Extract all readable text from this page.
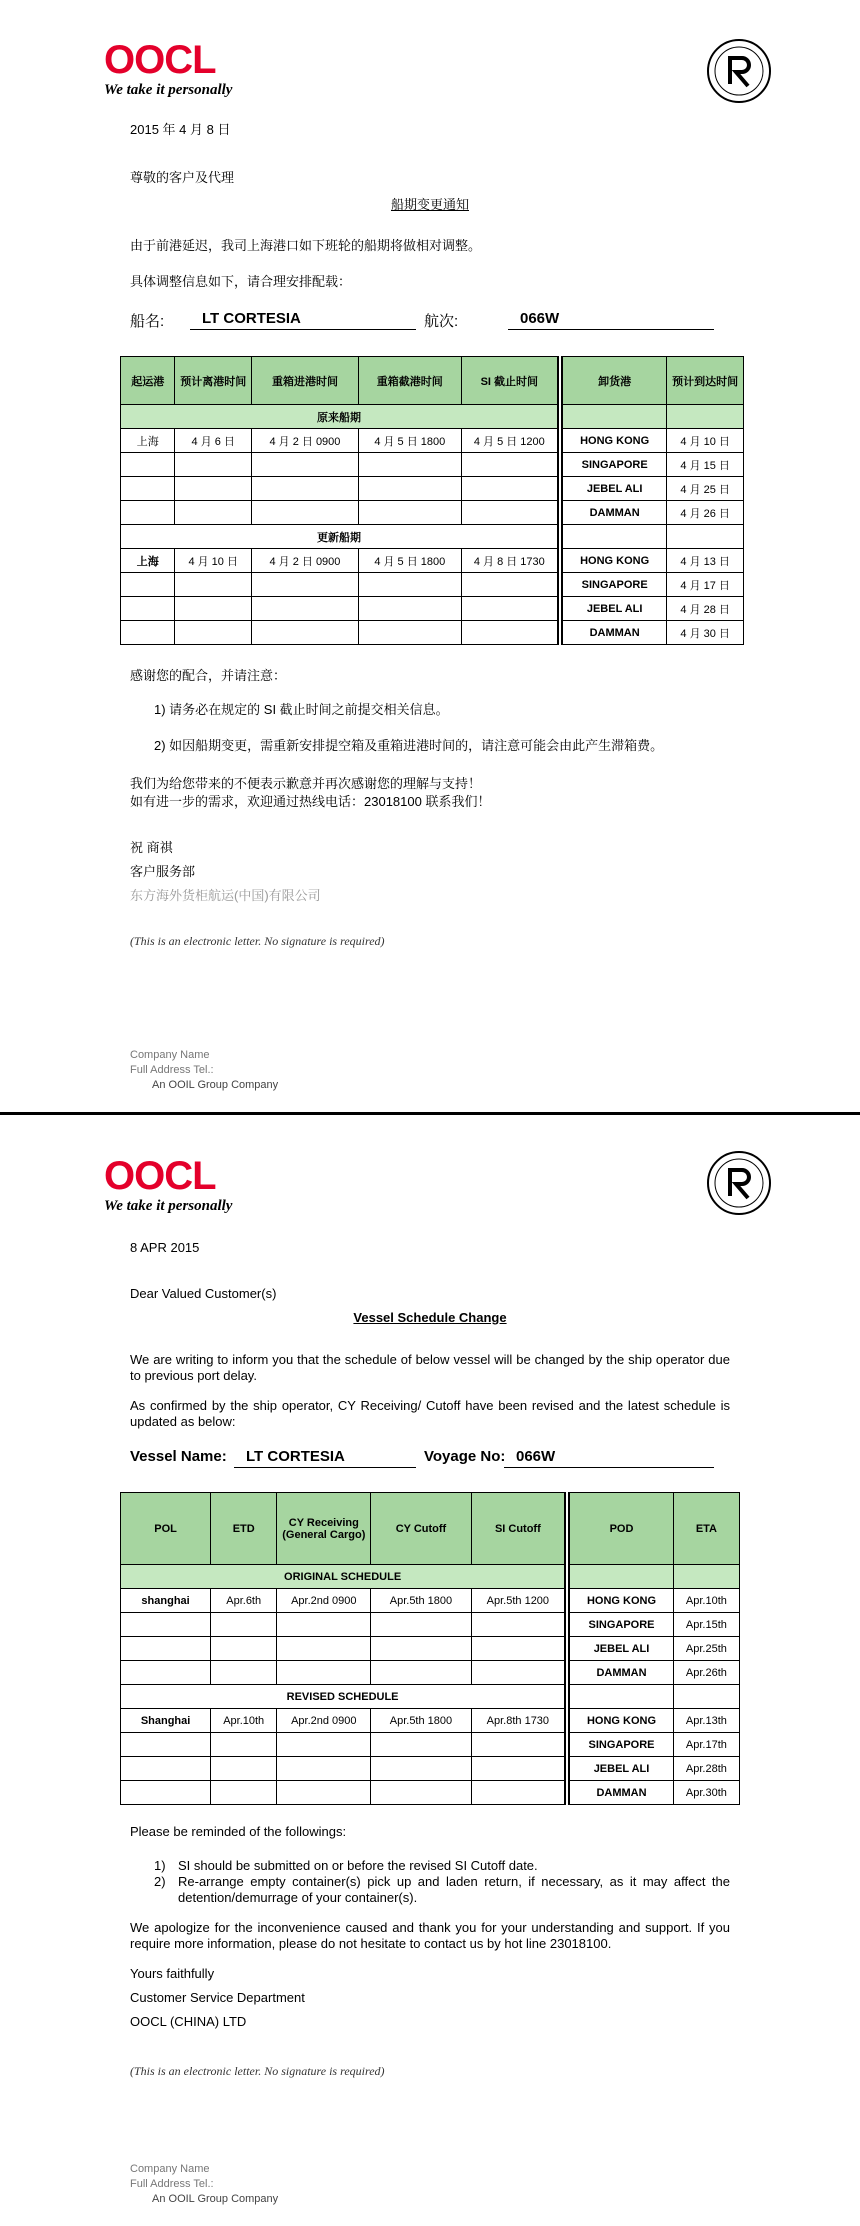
OOCL
We take it personally
2015 年 4 月 8 日
尊敬的客户及代理
船期变更通知
由于前港延迟，我司上海港口如下班轮的船期将做相对调整。
具体调整信息如下，请合理安排配载：
船名:	LT CORTESIA	航次:	066W
起运港	预计离港时间	重箱进港时间	重箱截港时间	SI 截止时间		卸货港	预计到达时间
原来船期							
上海	4 月 6 日	4 月 2 日 0900	4 月 5 日 1800	4 月 5 日 1200		HONG KONG	4 月 10 日
						SINGAPORE	4 月 15 日
						JEBEL ALI	4 月 25 日
						DAMMAN	4 月 26 日
更新船期							
上海	4 月 10 日	4 月 2 日 0900	4 月 5 日 1800	4 月 8 日 1730		HONG KONG	4 月 13 日
						SINGAPORE	4 月 17 日
						JEBEL ALI	4 月 28 日
						DAMMAN	4 月 30 日
感谢您的配合，并请注意：
1) 请务必在规定的 SI 截止时间之前提交相关信息。
2) 如因船期变更，需重新安排提空箱及重箱进港时间的，请注意可能会由此产生滞箱费。
我们为给您带来的不便表示歉意并再次感谢您的理解与支持！
如有进一步的需求，欢迎通过热线电话：23018100 联系我们！
祝 商祺
客户服务部
东方海外货柜航运(中国)有限公司
(This is an electronic letter. No signature is required)
Company Name
Full Address Tel.:
An OOIL Group Company
OOCL
We take it personally
8 APR 2015
Dear Valued Customer(s)
Vessel Schedule Change
We are writing to inform you that the schedule of below vessel will be changed by the ship operator due to previous port delay.
As confirmed by the ship operator, CY Receiving/ Cutoff have been revised and the latest schedule is updated as below:
Vessel Name:	LT CORTESIA	Voyage No: 066W
POL	ETD	CY Receiving (General Cargo)	CY Cutoff	SI Cutoff		POD	ETA
ORIGINAL SCHEDULE							
shanghai	Apr.6th	Apr.2nd 0900	Apr.5th 1800	Apr.5th 1200		HONG KONG	Apr.10th
						SINGAPORE	Apr.15th
						JEBEL ALI	Apr.25th
						DAMMAN	Apr.26th
REVISED SCHEDULE							
Shanghai	Apr.10th	Apr.2nd 0900	Apr.5th 1800	Apr.8th 1730		HONG KONG	Apr.13th
						SINGAPORE	Apr.17th
						JEBEL ALI	Apr.28th
						DAMMAN	Apr.30th
Please be reminded of the followings:
1) SI should be submitted on or before the revised SI Cutoff date.
2) Re-arrange empty container(s) pick up and laden return, if necessary, as it may affect the detention/demurrage of your container(s).
We apologize for the inconvenience caused and thank you for your understanding and support. If you require more information, please do not hesitate to contact us by hot line 23018100.
Yours faithfully
Customer Service Department
OOCL (CHINA) LTD
(This is an electronic letter. No signature is required)
Company Name
Full Address Tel.:
An OOIL Group Company
